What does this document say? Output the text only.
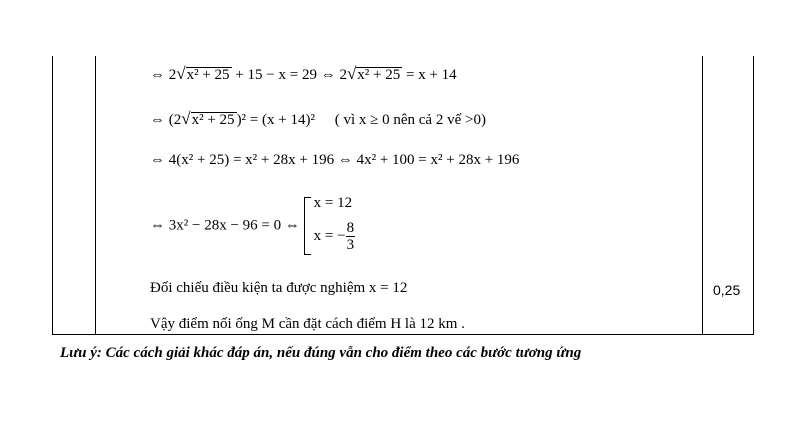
⇔ 2√x² + 25 + 15 − x = 29 ⇔ 2√x² + 25 = x + 14
⇔ (2√x² + 25 )² = (x + 14)² ( vì x ≥ 0 nên cả 2 vế >0)
⇔ 4(x² + 25) = x² + 28x + 196 ⇔ 4x² + 100 = x² + 28x + 196
⇔ 3x² − 28x − 96 = 0 ⇔
x = 12
x = − $\frac{8}{3}$
Đối chiếu điều kiện ta được nghiệm x = 12
Vậy điểm nối ống M cần đặt cách điểm H là 12 km .
0,25
Lưu ý: Các cách giải khác đáp án, nếu đúng vẫn cho điểm theo các bước tương ứng
